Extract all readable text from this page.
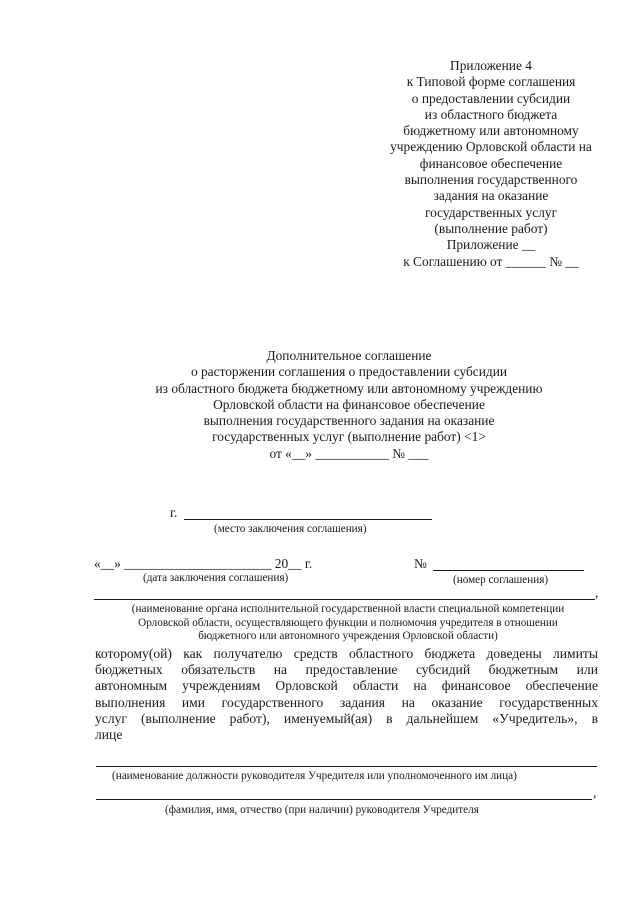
Приложение 4
к Типовой форме соглашения
о предоставлении субсидии
из областного бюджета
бюджетному или автономному
учреждению Орловской области на
финансовое обеспечение
выполнения государственного
задания на оказание
государственных услуг
(выполнение работ)
Приложение __
к Соглашению от ______ № __
Дополнительное соглашение
о расторжении соглашения о предоставлении субсидии
из областного бюджета бюджетному или автономному учреждению
Орловской области на финансовое обеспечение
выполнения государственного задания на оказание
государственных услуг (выполнение работ) <1>
от «__» ___________ № ___
г.
(место заключения соглашения)
«__» ______________________ 20__ г.
(дата заключения соглашения)
№
(номер соглашения)
,
(наименование органа исполнительной государственной власти специальной компетенции
Орловской области, осуществляющего функции и полномочия учредителя в отношении
бюджетного или автономного учреждения Орловской области)
которому(ой) как получателю средств областного бюджета доведены лимиты
бюджетных обязательств на предоставление субсидий бюджетным или
автономным учреждениям Орловской области на финансовое обеспечение
выполнения ими государственного задания на оказание государственных
услуг (выполнение работ), именуемый(ая) в дальнейшем «Учредитель», в
лице
(наименование должности руководителя Учредителя или уполномоченного им лица)
,
(фамилия, имя, отчество (при наличии) руководителя Учредителя
